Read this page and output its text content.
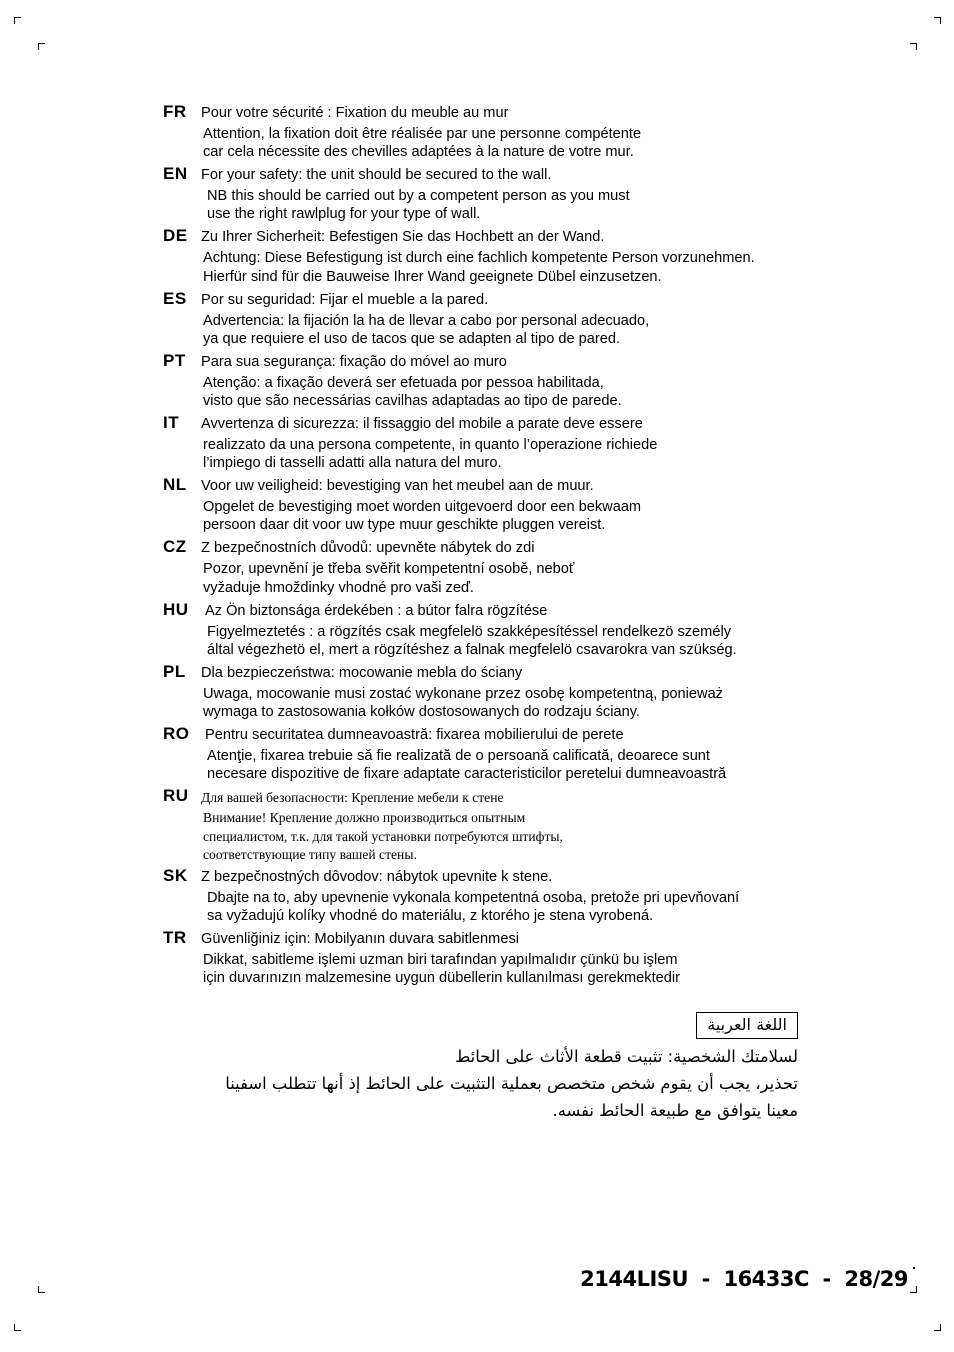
FR Pour votre sécurité : Fixation du meuble au mur
Attention, la fixation doit être réalisée par une personne compétente
car cela nécessite des chevilles adaptées à la nature de votre mur.
EN For your safety: the unit should be secured to the wall.
NB this should be carried out by a competent person as you must
use the right rawlplug for your type of wall.
DE Zu Ihrer Sicherheit: Befestigen Sie das Hochbett an der Wand.
Achtung: Diese Befestigung ist durch eine fachlich kompetente Person vorzunehmen.
Hierfür sind für die Bauweise Ihrer Wand geeignete Dübel einzusetzen.
ES Por su seguridad: Fijar el mueble a la pared.
Advertencia: la fijación la ha de llevar a cabo por personal adecuado,
ya que requiere el uso de tacos que se adapten al tipo de pared.
PT Para sua segurança: fixação do móvel ao muro
Atenção: a fixação deverá ser efetuada por pessoa habilitada,
visto que são necessárias cavilhas adaptadas ao tipo de parede.
IT Avvertenza di sicurezza: il fissaggio del mobile a parate deve essere
realizzato da una persona competente, in quanto l’operazione richiede
l’impiego di tasselli adatti alla natura del muro.
NL Voor uw veiligheid: bevestiging van het meubel aan de muur.
Opgelet de bevestiging moet worden uitgevoerd door een bekwaam
persoon daar dit voor uw type muur geschikte pluggen vereist.
CZ Z bezpečnostních důvodů: upevněte nábytek do zdi
Pozor, upevnění je třeba svěřit kompetentní osobě, neboť
vyžaduje hmoždinky vhodné pro vaši zeď.
HU Az Ön biztonsága érdekében : a bútor falra rögzítése
Figyelmeztetés : a rögzítés csak megfelelö szakképesítéssel rendelkezö személy
által végezhetö el, mert a rögzítéshez a falnak megfelelö csavarokra van szükség.
PL Dla bezpieczeństwa: mocowanie mebla do ściany
Uwaga, mocowanie musi zostać wykonane przez osobę kompetentną, ponieważ
wymaga to zastosowania kołków dostosowanych do rodzaju ściany.
RO Pentru securitatea dumneavoastră: fixarea mobilierului de perete
Atenţie, fixarea trebuie să fie realizată de o persoană calificată, deoarece sunt
necesare dispozitive de fixare adaptate caracteristicilor peretelui dumneavoastră
RU Для вашей безопасности: Крепление мебели к стене
Внимание! Крепление должно производиться опытным
специалистом, т.к. для такой установки потребуются штифты,
соответствующие типу вашей стены.
SK Z bezpečnostných dôvodov: nábytok upevnite k stene.
Dbajte na to, aby upevnenie vykonala kompetentná osoba, pretože pri upevňovaní
sa vyžadujú kolíky vhodné do materiálu, z ktorého je stena vyrobená.
TR Güvenliğiniz için: Mobilyanın duvara sabitlenmesi
Dikkat, sabitleme işlemi uzman biri tarafından yapılmalıdır çünkü bu işlem
için duvarınızın malzemesine uygun dübellerin kullanılması gerekmektedir
اللغة العربية
لسلامتك الشخصية: تثبيت قطعة الأثاث على الحائط
تحذير، يجب أن يقوم شخص متخصص بعملية التثبيت على الحائط إذ أنها تتطلب اسفينا
معينا يتوافق مع طبيعة الحائط نفسه.
2144LISU  -  16433C  -  28/29
